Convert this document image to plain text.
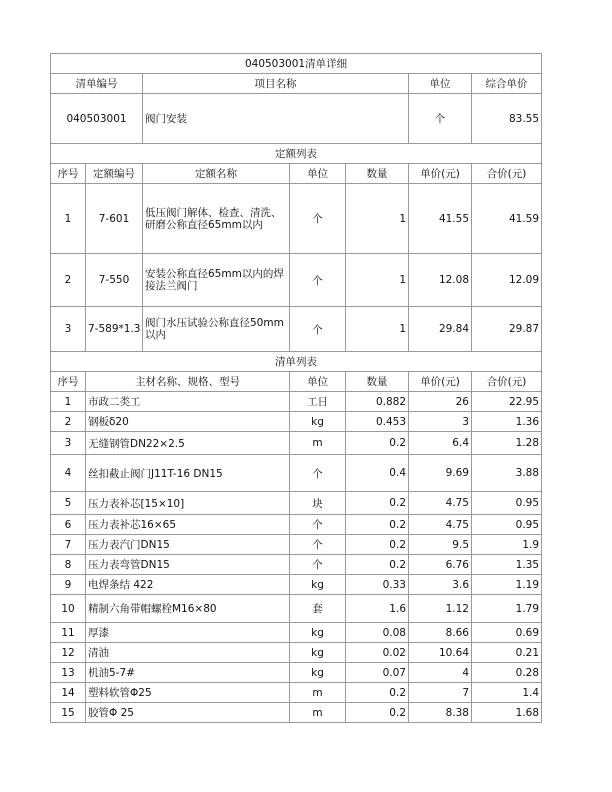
040503001清单详细						
清单编号		项目名称			单位	综合单价
040503001		阀门安装			个	83.55
定额列表						
序号	定额编号	定额名称	单位	数量	单价(元)	合价(元)
1	7-601	低压阀门解体、检查、清洗、研磨公称直径65mm以内	个	1	41.55	41.59
2	7-550	安装公称直径65mm以内的焊接法兰阀门	个	1	12.08	12.09
3	7-589*1.3	阀门水压试验公称直径50mm以内	个	1	29.84	29.87
清单列表						
序号	主材名称、规格、型号		单位	数量	单价(元)	合价(元)
1	市政二类工		工日	0.882	26	22.95
2	钢板δ20		kg	0.453	3	1.36
3	无缝钢管DN22×2.5		m	0.2	6.4	1.28
4	丝扣截止阀门J11T-16 DN15		个	0.4	9.69	3.88
5	压力表补芯[15×10]		块	0.2	4.75	0.95
6	压力表补芯16×65		个	0.2	4.75	0.95
7	压力表汽门DN15		个	0.2	9.5	1.9
8	压力表弯管DN15		个	0.2	6.76	1.35
9	电焊条结 422		kg	0.33	3.6	1.19
10	精制六角带帽螺栓M16×80		套	1.6	1.12	1.79
11	厚漆		kg	0.08	8.66	0.69
12	清油		kg	0.02	10.64	0.21
13	机油5-7#		kg	0.07	4	0.28
14	塑料软管Φ25		m	0.2	7	1.4
15	胶管Φ 25		m	0.2	8.38	1.68
